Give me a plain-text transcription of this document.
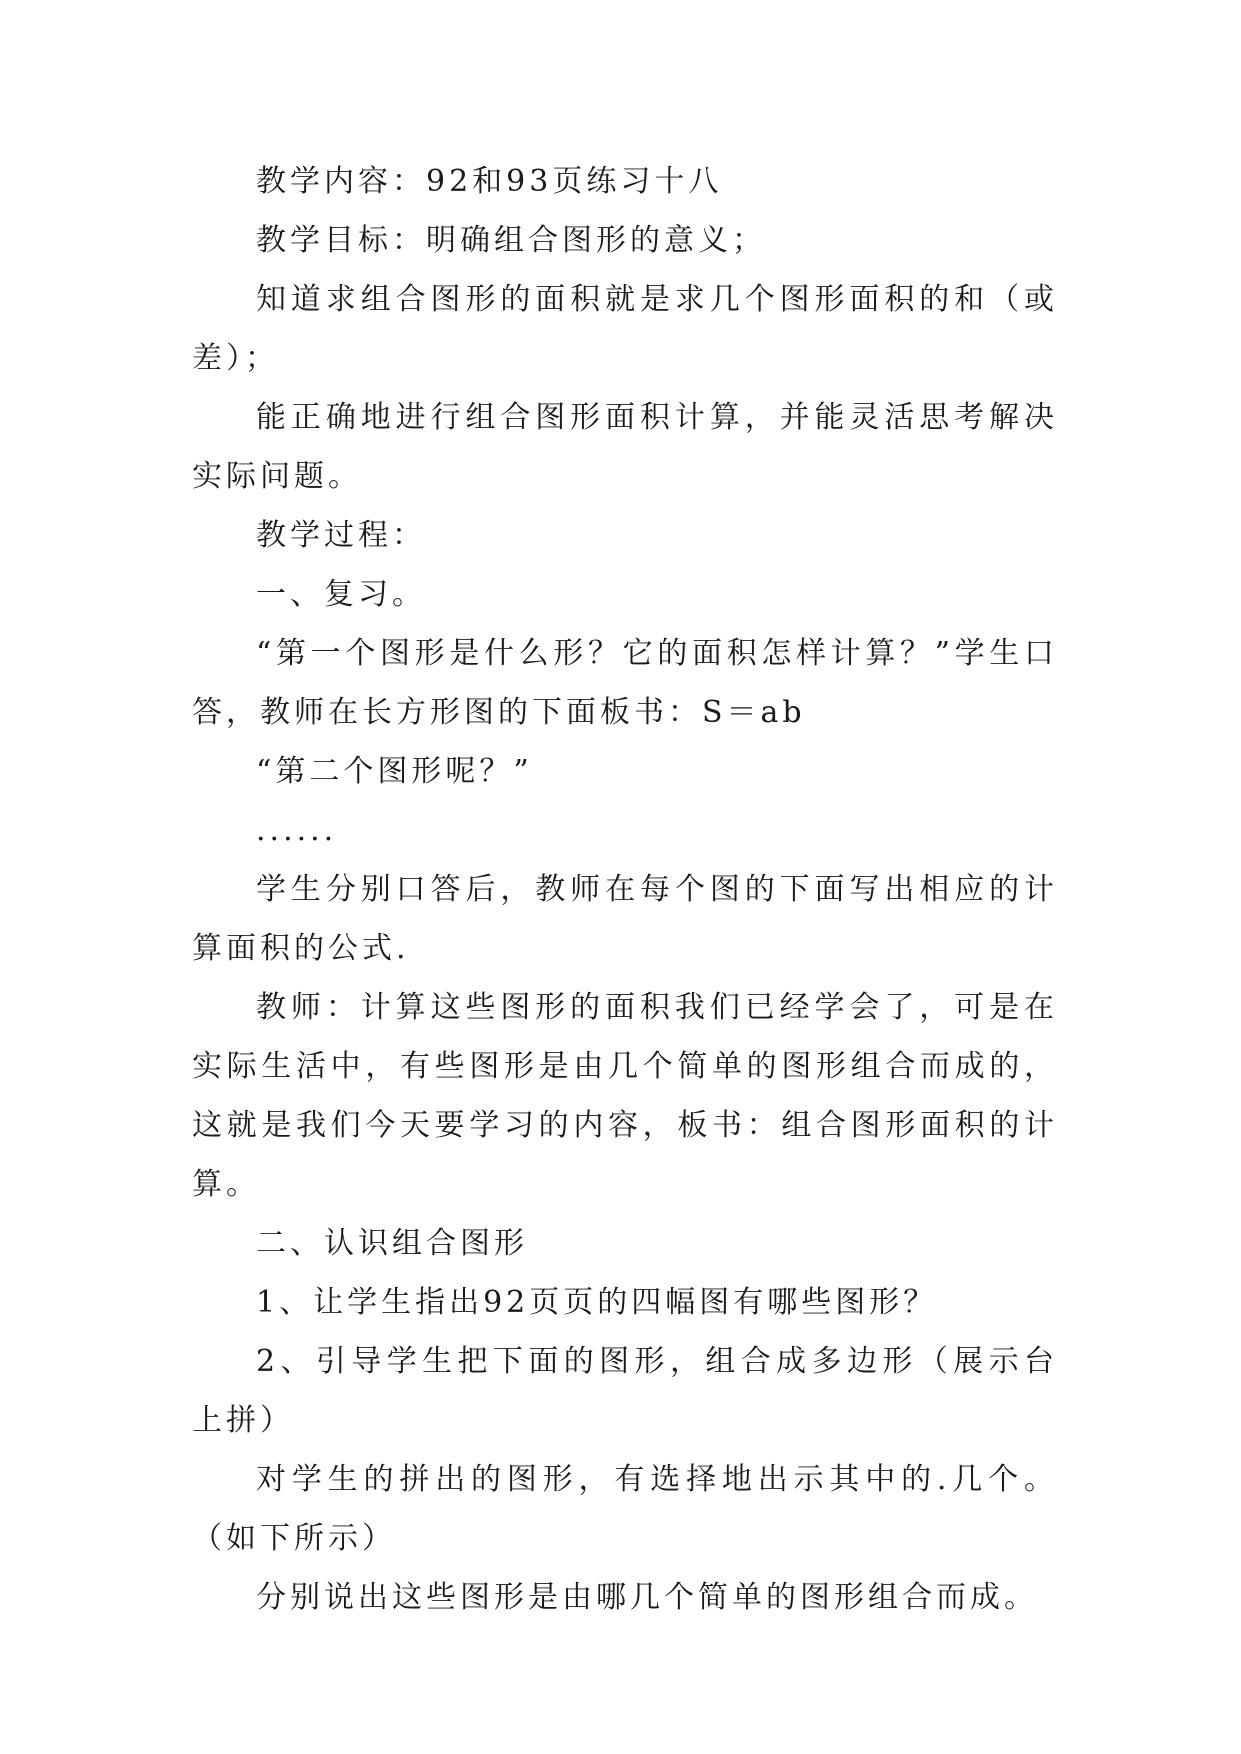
教学内容：92和93页练习十八

教学目标：明确组合图形的意义；

知道求组合图形的面积就是求几个图形面积的和（或差）；

能正确地进行组合图形面积计算，并能灵活思考解决实际问题。

教学过程：

一、复习。

“第一个图形是什么形？它的面积怎样计算？”学生口答，教师在长方形图的下面板书：S＝ab

“第二个图形呢？”

......

学生分别口答后，教师在每个图的下面写出相应的计算面积的公式.

教师：计算这些图形的面积我们已经学会了，可是在实际生活中，有些图形是由几个简单的图形组合而成的，这就是我们今天要学习的内容，板书：组合图形面积的计算。

二、认识组合图形

1、让学生指出92页页的四幅图有哪些图形？

2、引导学生把下面的图形，组合成多边形（展示台上拼）

对学生的拼出的图形，有选择地出示其中的.几个。（如下所示）

分别说出这些图形是由哪几个简单的图形组合而成。
